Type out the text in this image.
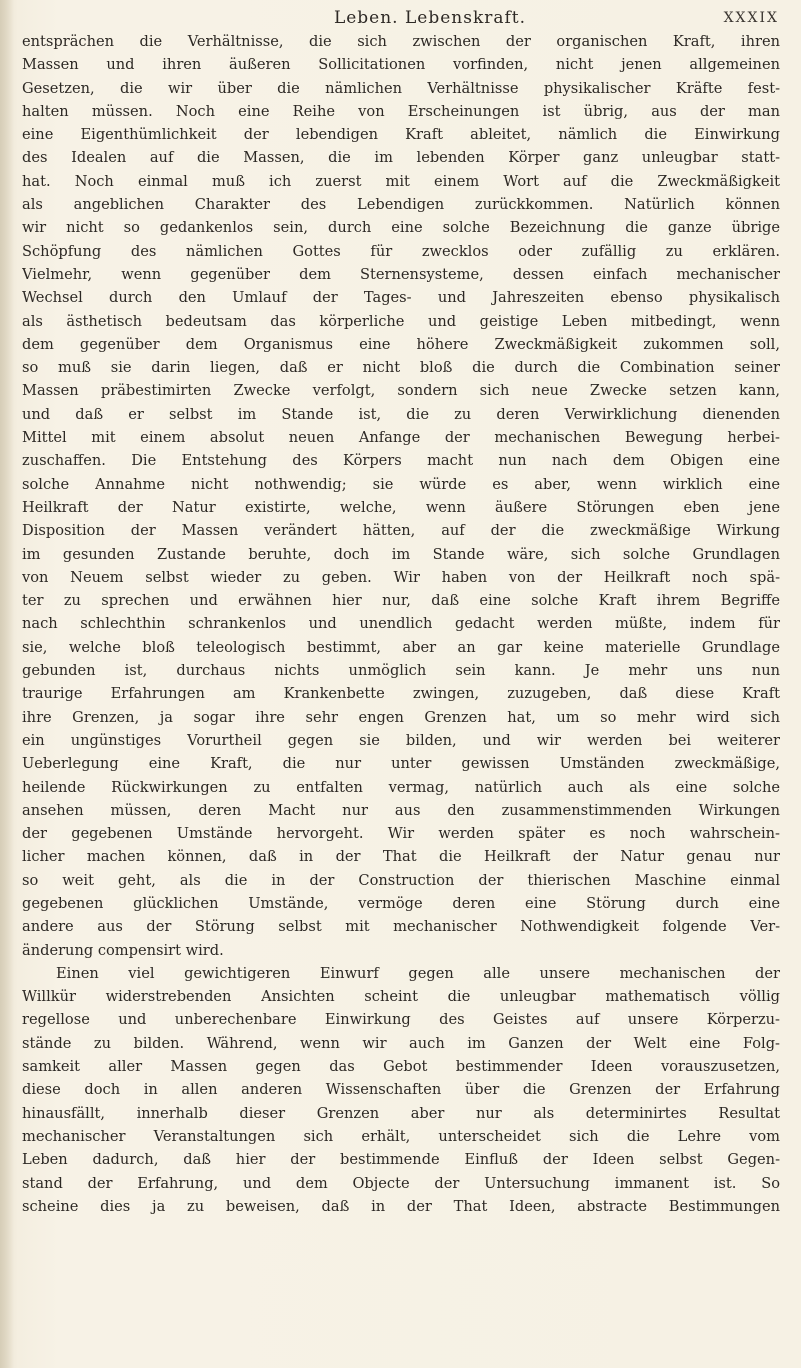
Leben. Lebenskraft.	XXXIX
entsprächen die Verhältnisse, die sich zwischen der organischen Kraft, ihren
Massen und ihren äußeren Sollicitationen vorfinden, nicht jenen allgemeinen
Gesetzen, die wir über die nämlichen Verhältnisse physikalischer Kräfte fest-
halten müssen. Noch eine Reihe von Erscheinungen ist übrig, aus der man
eine Eigenthümlichkeit der lebendigen Kraft ableitet, nämlich die Einwirkung
des Idealen auf die Massen, die im lebenden Körper ganz unleugbar statt-
hat. Noch einmal muß ich zuerst mit einem Wort auf die Zweckmäßigkeit
als angeblichen Charakter des Lebendigen zurückkommen. Natürlich können
wir nicht so gedankenlos sein, durch eine solche Bezeichnung die ganze übrige
Schöpfung des nämlichen Gottes für zwecklos oder zufällig zu erklären.
Vielmehr, wenn gegenüber dem Sternensysteme, dessen einfach mechanischer
Wechsel durch den Umlauf der Tages- und Jahreszeiten ebenso physikalisch
als ästhetisch bedeutsam das körperliche und geistige Leben mitbedingt, wenn
dem gegenüber dem Organismus eine höhere Zweckmäßigkeit zukommen soll,
so muß sie darin liegen, daß er nicht bloß die durch die Combination seiner
Massen präbestimirten Zwecke verfolgt, sondern sich neue Zwecke setzen kann,
und daß er selbst im Stande ist, die zu deren Verwirklichung dienenden
Mittel mit einem absolut neuen Anfange der mechanischen Bewegung herbei-
zuschaffen. Die Entstehung des Körpers macht nun nach dem Obigen eine
solche Annahme nicht nothwendig; sie würde es aber, wenn wirklich eine
Heilkraft der Natur existirte, welche, wenn äußere Störungen eben jene
Disposition der Massen verändert hätten, auf der die zweckmäßige Wirkung
im gesunden Zustande beruhte, doch im Stande wäre, sich solche Grundlagen
von Neuem selbst wieder zu geben. Wir haben von der Heilkraft noch spä-
ter zu sprechen und erwähnen hier nur, daß eine solche Kraft ihrem Begriffe
nach schlechthin schrankenlos und unendlich gedacht werden müßte, indem für
sie, welche bloß teleologisch bestimmt, aber an gar keine materielle Grundlage
gebunden ist, durchaus nichts unmöglich sein kann. Je mehr uns nun
traurige Erfahrungen am Krankenbette zwingen, zuzugeben, daß diese Kraft
ihre Grenzen, ja sogar ihre sehr engen Grenzen hat, um so mehr wird sich
ein ungünstiges Vorurtheil gegen sie bilden, und wir werden bei weiterer
Ueberlegung eine Kraft, die nur unter gewissen Umständen zweckmäßige,
heilende Rückwirkungen zu entfalten vermag, natürlich auch als eine solche
ansehen müssen, deren Macht nur aus den zusammenstimmenden Wirkungen
der gegebenen Umstände hervorgeht. Wir werden später es noch wahrschein-
licher machen können, daß in der That die Heilkraft der Natur genau nur
so weit geht, als die in der Construction der thierischen Maschine einmal
gegebenen glücklichen Umstände, vermöge deren eine Störung durch eine
andere aus der Störung selbst mit mechanischer Nothwendigkeit folgende Ver-
änderung compensirt wird.
Einen viel gewichtigeren Einwurf gegen alle unsere mechanischen der
Willkür widerstrebenden Ansichten scheint die unleugbar mathematisch völlig
regellose und unberechenbare Einwirkung des Geistes auf unsere Körperzu-
stände zu bilden. Während, wenn wir auch im Ganzen der Welt eine Folg-
samkeit aller Massen gegen das Gebot bestimmender Ideen vorauszusetzen,
diese doch in allen anderen Wissenschaften über die Grenzen der Erfahrung
hinausfällt, innerhalb dieser Grenzen aber nur als determinirtes Resultat
mechanischer Veranstaltungen sich erhält, unterscheidet sich die Lehre vom
Leben dadurch, daß hier der bestimmende Einfluß der Ideen selbst Gegen-
stand der Erfahrung, und dem Objecte der Untersuchung immanent ist. So
scheine dies ja zu beweisen, daß in der That Ideen, abstracte Bestimmungen
